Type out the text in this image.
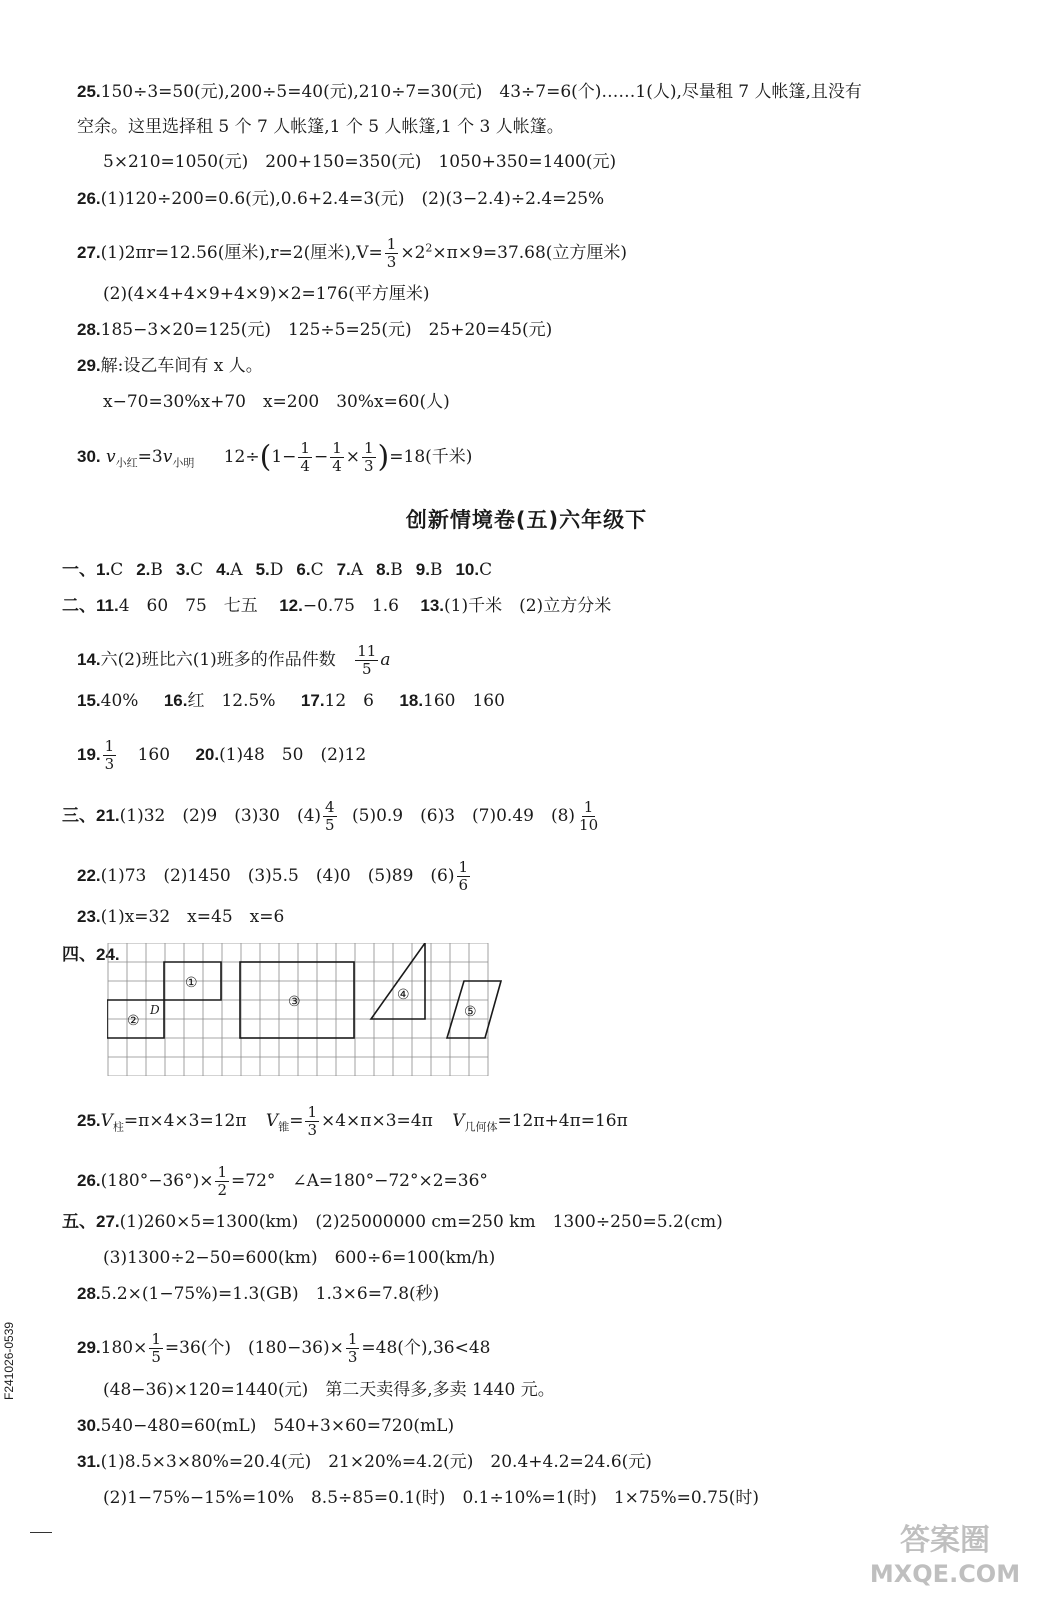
25.150÷3=50(元),200÷5=40(元),210÷7=30(元)　43÷7=6(个)……1(人),尽量租 7 人帐篷,且没有
空余。这里选择租 5 个 7 人帐篷,1 个 5 人帐篷,1 个 3 人帐篷。
5×210=1050(元)　200+150=350(元)　1050+350=1400(元)
26.(1)120÷200=0.6(元),0.6+2.4=3(元)　(2)(3−2.4)÷2.4=25%
27.(1)2πr=12.56(厘米),r=2(厘米)$,V= \frac{1}{3} \times 2^2\times\pi\times 9=37.68$(立方厘米)
(2)(4×4+4×9+4×9)×2=176(平方厘米)
28.185−3×20=125(元)　125÷5=25(元)　25+20=45(元)
29.解:设乙车间有 x 人。
x−70=30%x+70　x=200　30%x=60(人)
30. $v_{小红}=3v_{小明}$ $12\div(1- \frac{1}{4} - \frac{1}{4} \times \frac{1}{3} )=18$(千米)
创新情境卷(五)六年级下
一、1.C 2.B 3.C 4.A 5.D 6.C 7.A 8.B 9.B 10.C
二、11.4　60　75　七五 12.−0.75　1.6 13.(1)千米　(2)立方分米
14.六(2)班比六(1)班多的作品件数 $\frac{11}{5}$ a
15.40% 16.红　12.5% 17.12　6 18.160　160
19. $\frac{1}{3} 160$ 20.(1)48　50　(2)12
三、21.(1)32　(2)9　(3)30　$(4) \frac{4}{5} (5)0.9$　(6)3　(7)0.49　$(8) \frac{1}{10}$
22.(1)73　(2)1450　(3)5.5　(4)0　(5)89　$(6) \frac{1}{6}$
23.(1)x=32　x=45　x=6
四、24.
①
②
③	④
⑤
D
$25.V_柱=\pi\times 4\times 3=12\pi$ $V_锥= \frac{1}{3} \times 4\times\pi\times 3=4\pi$ $V_{几何体}=12\pi+4\pi=16\pi$
$26.(180^\circ-36^\circ)\times \frac{1}{2} =72^\circ$　∠A=180°−72°×2=36°
五、27.(1)260×5=1300(km)　(2)25000000 cm=250 km　1300÷250=5.2(cm)
(3)1300÷2−50=600(km)　600÷6=100(km/h)
28.5.2×(1−75%)=1.3(GB)　1.3×6=7.8(秒)
$29.180\times \frac{1}{5} =36$(个)　$(180-36)\times \frac{1}{3} =48$(个),36<48
(48−36)×120=1440(元)　第二天卖得多,多卖 1440 元。
30.540−480=60(mL)　540+3×60=720(mL)
31.(1)8.5×3×80%=20.4(元)　21×20%=4.2(元)　20.4+4.2=24.6(元)
(2)1−75%−15%=10%　8.5÷85=0.1(时)　0.1÷10%=1(时)　1×75%=0.75(时)
F241026-0539
答案圈
MXQE.COM
